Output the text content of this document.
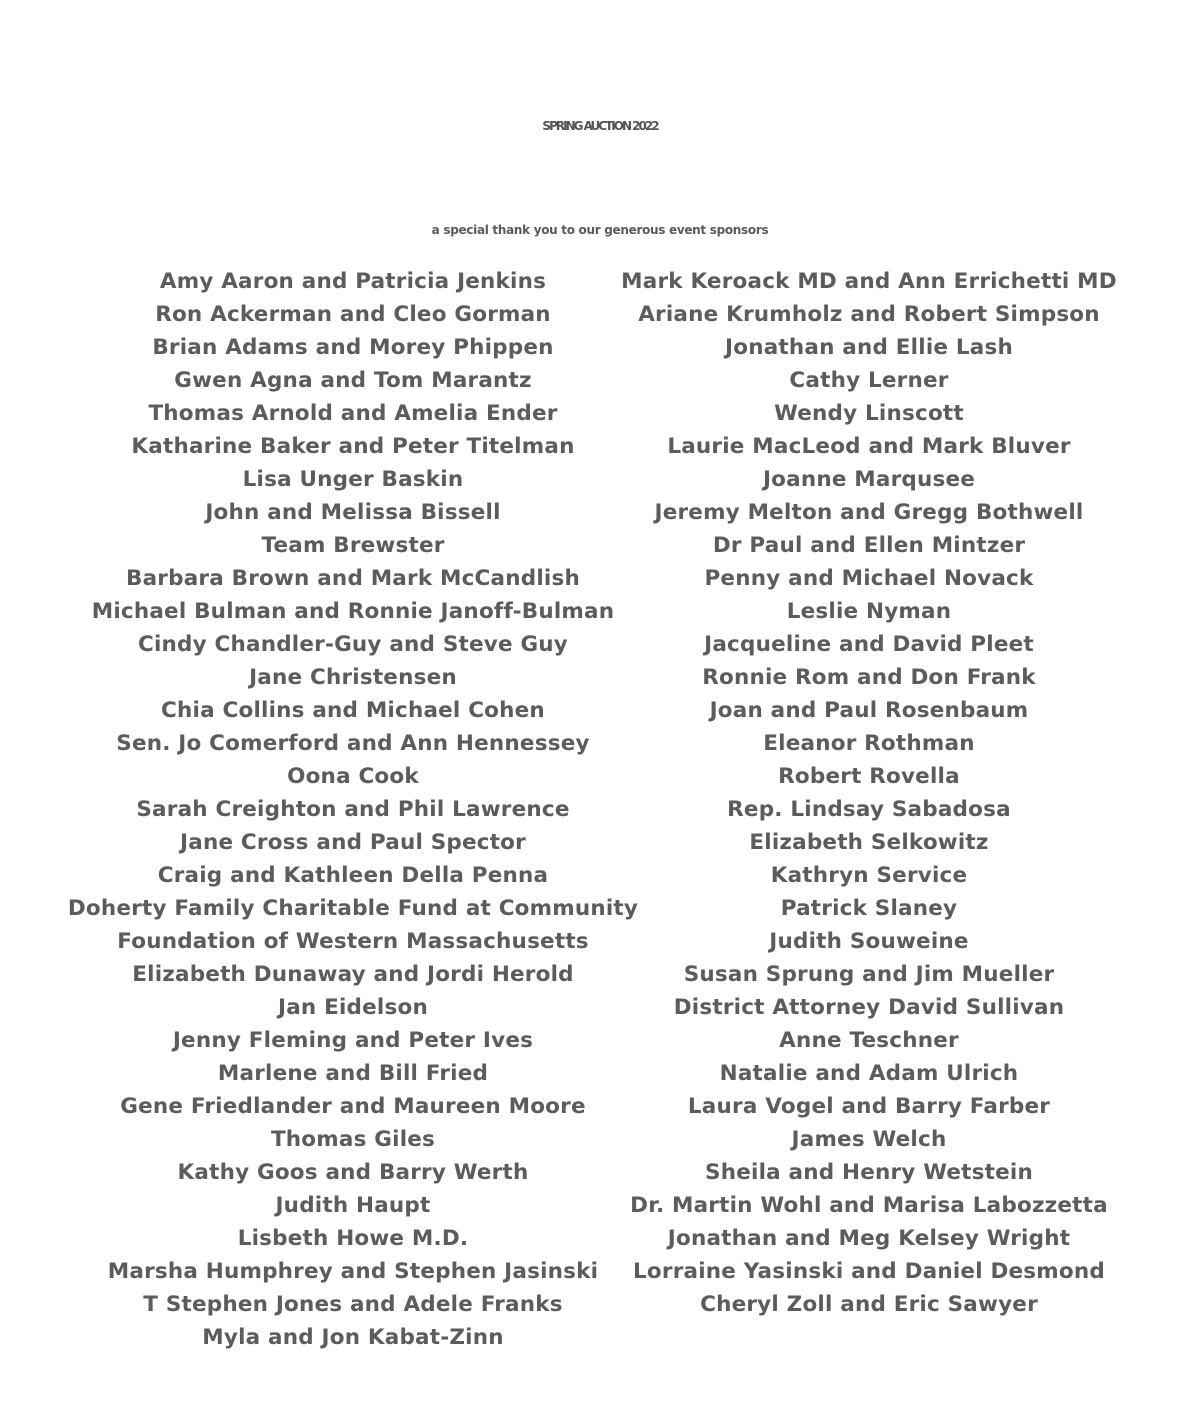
SPRING AUCTION 2022
a special thank you to our generous event sponsors
Amy Aaron and Patricia Jenkins
Ron Ackerman and Cleo Gorman
Brian Adams and Morey Phippen
Gwen Agna and Tom Marantz
Thomas Arnold and Amelia Ender
Katharine Baker and Peter Titelman
Lisa Unger Baskin
John and Melissa Bissell
Team Brewster
Barbara Brown and Mark McCandlish
Michael Bulman and Ronnie Janoff-Bulman
Cindy Chandler-Guy and Steve Guy
Jane Christensen
Chia Collins and Michael Cohen
Sen. Jo Comerford and Ann Hennessey
Oona Cook
Sarah Creighton and Phil Lawrence
Jane Cross and Paul Spector
Craig and Kathleen Della Penna
Doherty Family Charitable Fund at Community
Foundation of Western Massachusetts
Elizabeth Dunaway and Jordi Herold
Jan Eidelson
Jenny Fleming and Peter Ives
Marlene and Bill Fried
Gene Friedlander and Maureen Moore
Thomas Giles
Kathy Goos and Barry Werth
Judith Haupt
Lisbeth Howe M.D.
Marsha Humphrey and Stephen Jasinski
T Stephen Jones and Adele Franks
Myla and Jon Kabat-Zinn
Mark Keroack MD and Ann Errichetti MD
Ariane Krumholz and Robert Simpson
Jonathan and Ellie Lash
Cathy Lerner
Wendy Linscott
Laurie MacLeod and Mark Bluver
Joanne Marqusee
Jeremy Melton and Gregg Bothwell
Dr Paul and Ellen Mintzer
Penny and Michael Novack
Leslie Nyman
Jacqueline and David Pleet
Ronnie Rom and Don Frank
Joan and Paul Rosenbaum
Eleanor Rothman
Robert Rovella
Rep. Lindsay Sabadosa
Elizabeth Selkowitz
Kathryn Service
Patrick Slaney
Judith Souweine
Susan Sprung and Jim Mueller
District Attorney David Sullivan
Anne Teschner
Natalie and Adam Ulrich
Laura Vogel and Barry Farber
James Welch
Sheila and Henry Wetstein
Dr. Martin Wohl and Marisa Labozzetta
Jonathan and Meg Kelsey Wright
Lorraine Yasinski and Daniel Desmond
Cheryl Zoll and Eric Sawyer
